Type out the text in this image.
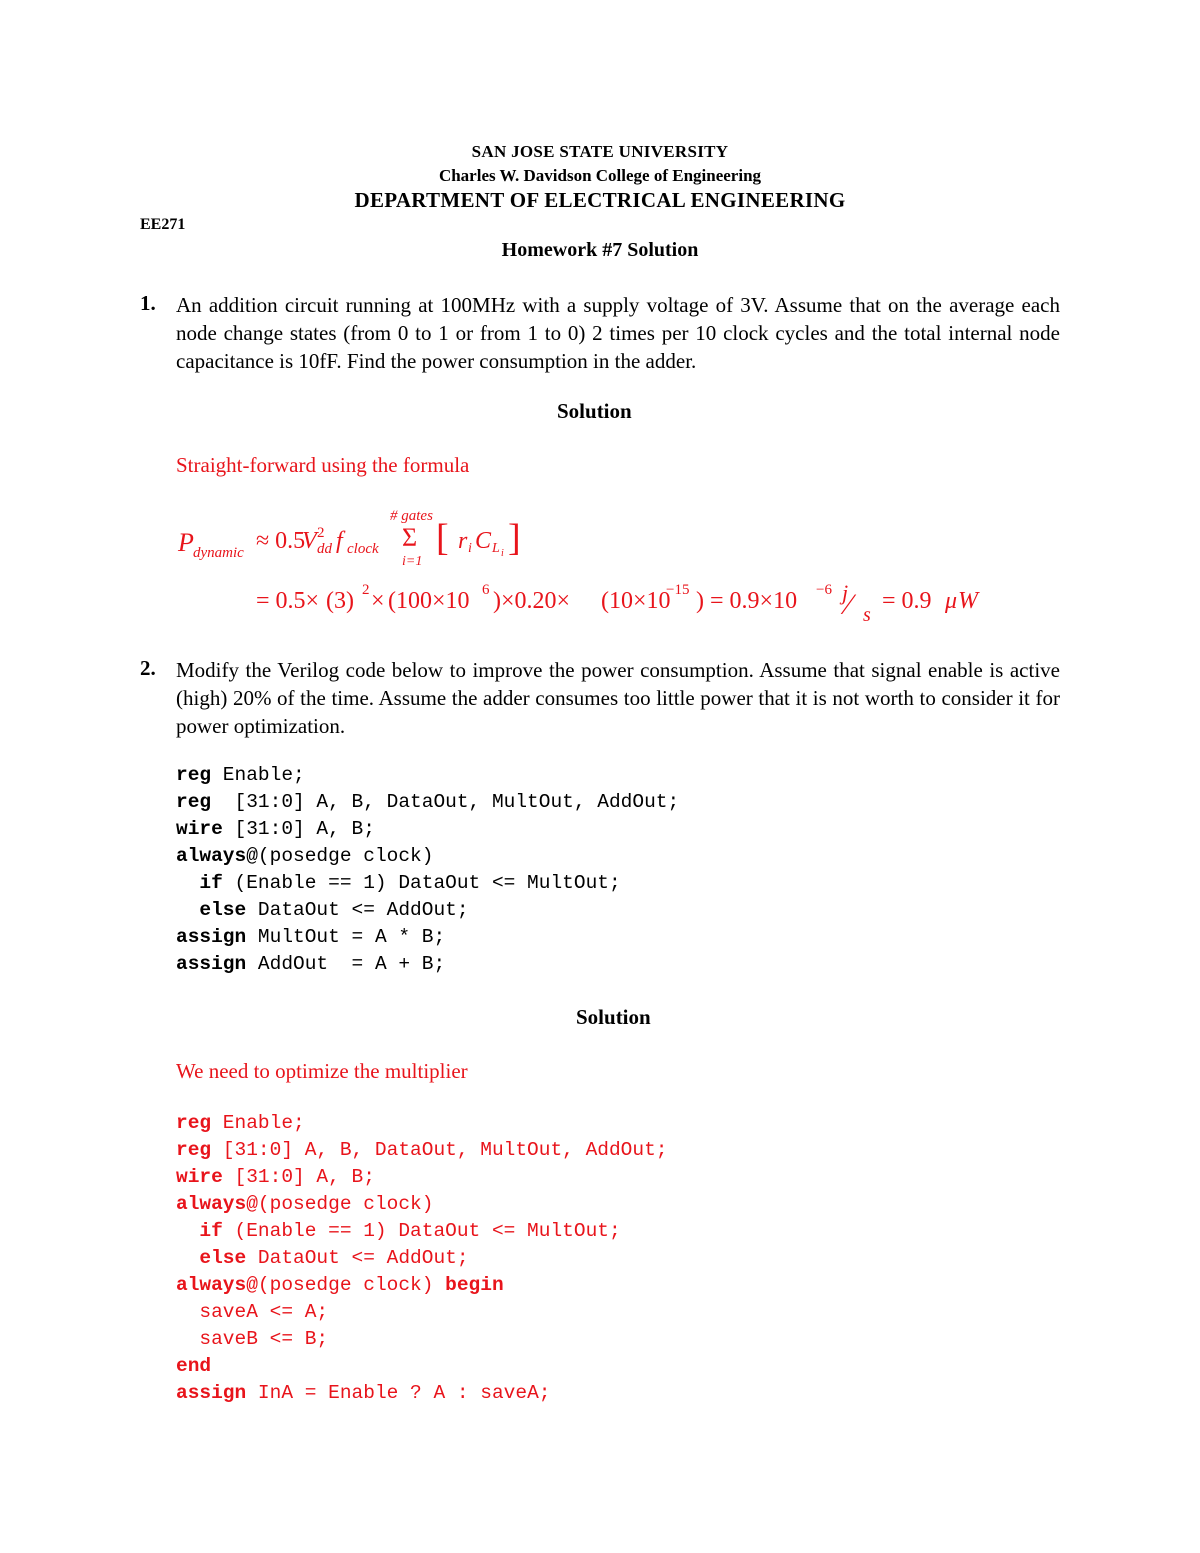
SAN JOSE STATE UNIVERSITY
Charles W. Davidson College of Engineering
DEPARTMENT OF ELECTRICAL ENGINEERING
EE271
Homework #7 Solution
1. An addition circuit running at 100MHz with a supply voltage of 3V. Assume that on the average each node change states (from 0 to 1 or from 1 to 0) 2 times per 10 clock cycles and the total internal node capacitance is 10fF. Find the power consumption in the adder.
Solution
Straight-forward using the formula
P dynamic ≈ 0.5
V 2
dd f clock
# gates
Σ
i=1
[ r i C L i ]
= 0.5× (3) 2 × (100×10 6 )×0.20× (10×10
−15 ) = 0.9×10 −6 j
⁄ s
= 0.9 μ W
2. Modify the Verilog code below to improve the power consumption. Assume that signal enable is active (high) 20% of the time. Assume the adder consumes too little power that it is not worth to consider it for power optimization.
reg Enable;
reg  [31:0] A, B, DataOut, MultOut, AddOut;
wire [31:0] A, B;
always@(posedge clock)
if (Enable == 1) DataOut <= MultOut;
else DataOut <= AddOut;
assign MultOut = A * B;
assign AddOut  = A + B;
Solution
We need to optimize the multiplier
reg Enable;
reg [31:0] A, B, DataOut, MultOut, AddOut;
wire [31:0] A, B;
always@(posedge clock)
if (Enable == 1) DataOut <= MultOut;
else DataOut <= AddOut;
always@(posedge clock) begin
saveA <= A;
saveB <= B;
end
assign InA = Enable ? A : saveA;
